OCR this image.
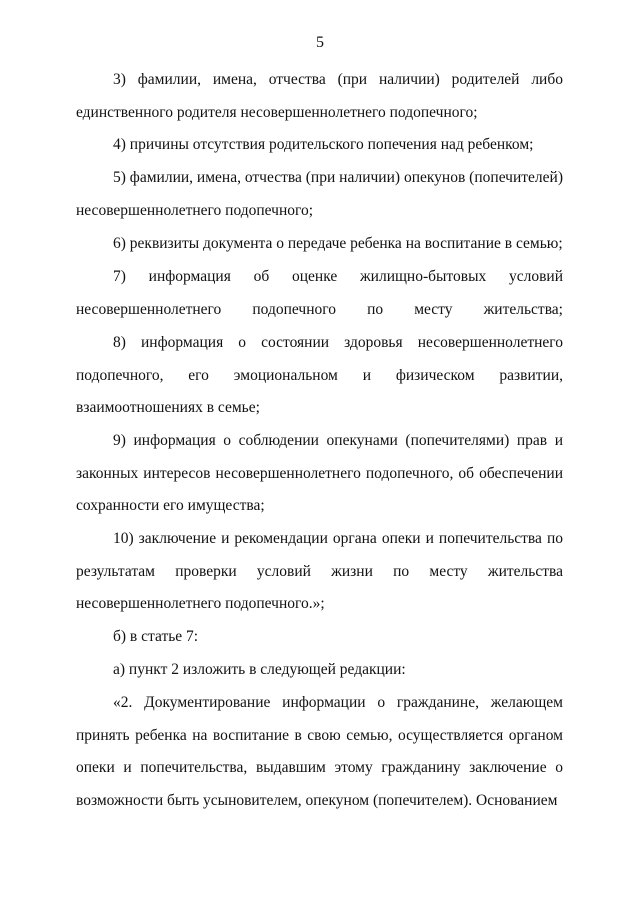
5

3) фамилии, имена, отчества (при наличии) родителей либо единственного родителя несовершеннолетнего подопечного;

4) причины отсутствия родительского попечения над ребенком;

5) фамилии, имена, отчества (при наличии) опекунов (попечителей) несовершеннолетнего подопечного;

6) реквизиты документа о передаче ребенка на воспитание в семью;

7) информация об оценке жилищно-бытовых условий несовершеннолетнего подопечного по месту жительства;

8) информация о состоянии здоровья несовершеннолетнего подопечного, его эмоциональном и физическом развитии, взаимоотношениях в семье;

9) информация о соблюдении опекунами (попечителями) прав и законных интересов несовершеннолетнего подопечного, об обеспечении сохранности его имущества;

10) заключение и рекомендации органа опеки и попечительства по результатам проверки условий жизни по месту жительства несовершеннолетнего подопечного.»;

б) в статье 7:

а) пункт 2 изложить в следующей редакции:

«2. Документирование информации о гражданине, желающем принять ребенка на воспитание в свою семью, осуществляется органом опеки и попечительства, выдавшим этому гражданину заключение о возможности быть усыновителем, опекуном (попечителем). Основанием
